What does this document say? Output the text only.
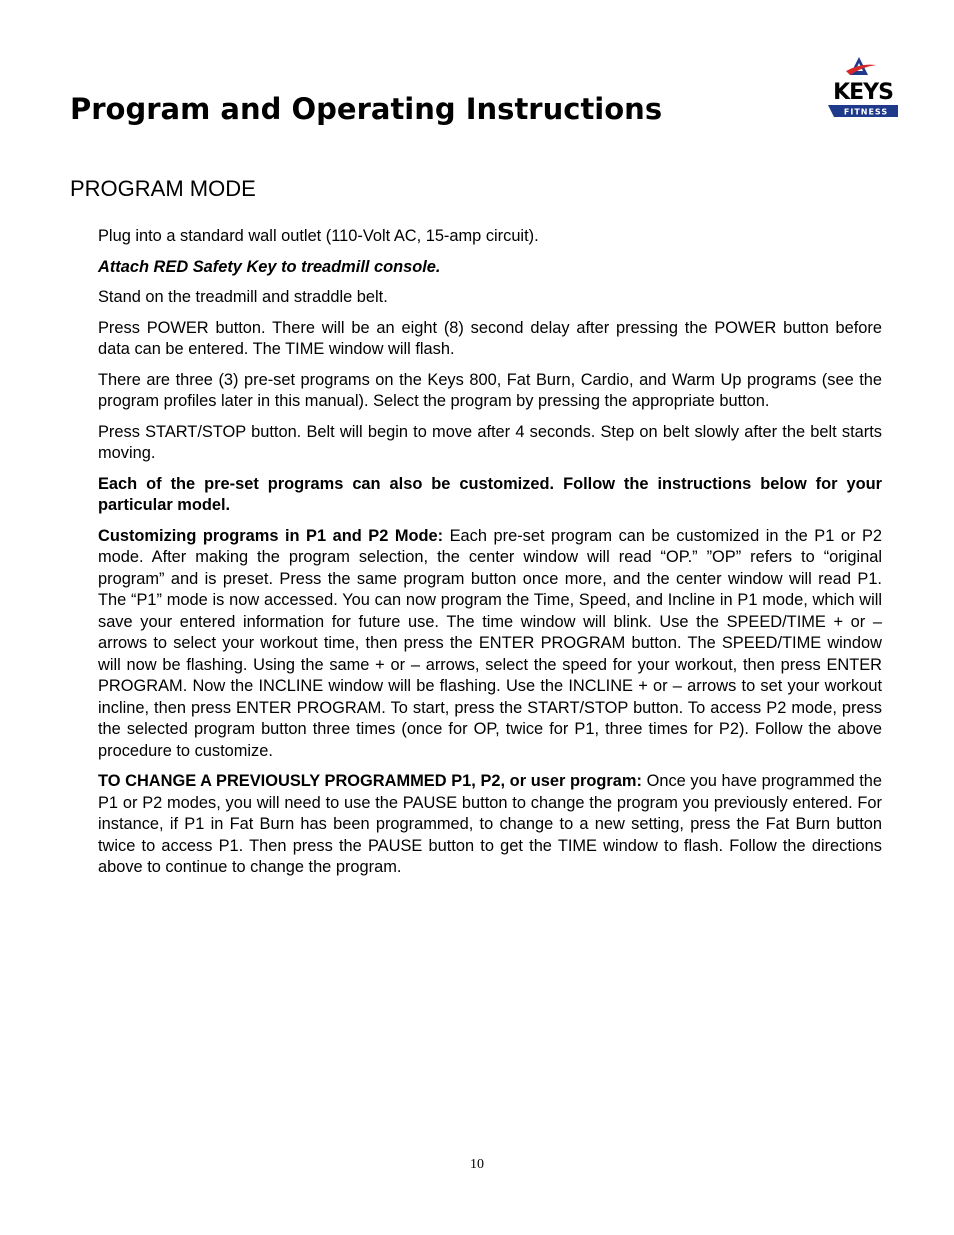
Program and Operating Instructions	KEYS
FITNESS
PROGRAM MODE

Plug into a standard wall outlet (110-Volt AC, 15-amp circuit).

Attach RED Safety Key to treadmill console.

Stand on the treadmill and straddle belt.

Press POWER button. There will be an eight (8) second delay after pressing the POWER button before data can be entered. The TIME window will flash.

There are three (3) pre-set programs on the Keys 800, Fat Burn, Cardio, and Warm Up programs (see the program profiles later in this manual). Select the program by pressing the appropriate button.

Press START/STOP button. Belt will begin to move after 4 seconds. Step on belt slowly after the belt starts moving.

Each of the pre-set programs can also be customized. Follow the instructions below for your particular model.

Customizing programs in P1 and P2 Mode: Each pre-set program can be customized in the P1 or P2 mode. After making the program selection, the center window will read “OP.” ”OP” refers to “original program” and is preset. Press the same program button once more, and the center window will read P1. The “P1” mode is now accessed. You can now program the Time, Speed, and Incline in P1 mode, which will save your entered information for future use. The time window will blink. Use the SPEED/TIME + or – arrows to select your workout time, then press the ENTER PROGRAM button. The SPEED/TIME window will now be flashing. Using the same + or – arrows, select the speed for your workout, then press ENTER PROGRAM. Now the INCLINE window will be flashing. Use the INCLINE + or – arrows to set your workout incline, then press ENTER PROGRAM. To start, press the START/STOP button. To access P2 mode, press the selected program button three times (once for OP, twice for P1, three times for P2). Follow the above procedure to customize.

TO CHANGE A PREVIOUSLY PROGRAMMED P1, P2, or user program: Once you have programmed the P1 or P2 modes, you will need to use the PAUSE button to change the program you previously entered. For instance, if P1 in Fat Burn has been programmed, to change to a new setting, press the Fat Burn button twice to access P1. Then press the PAUSE button to get the TIME window to flash. Follow the directions above to continue to change the program.

10
